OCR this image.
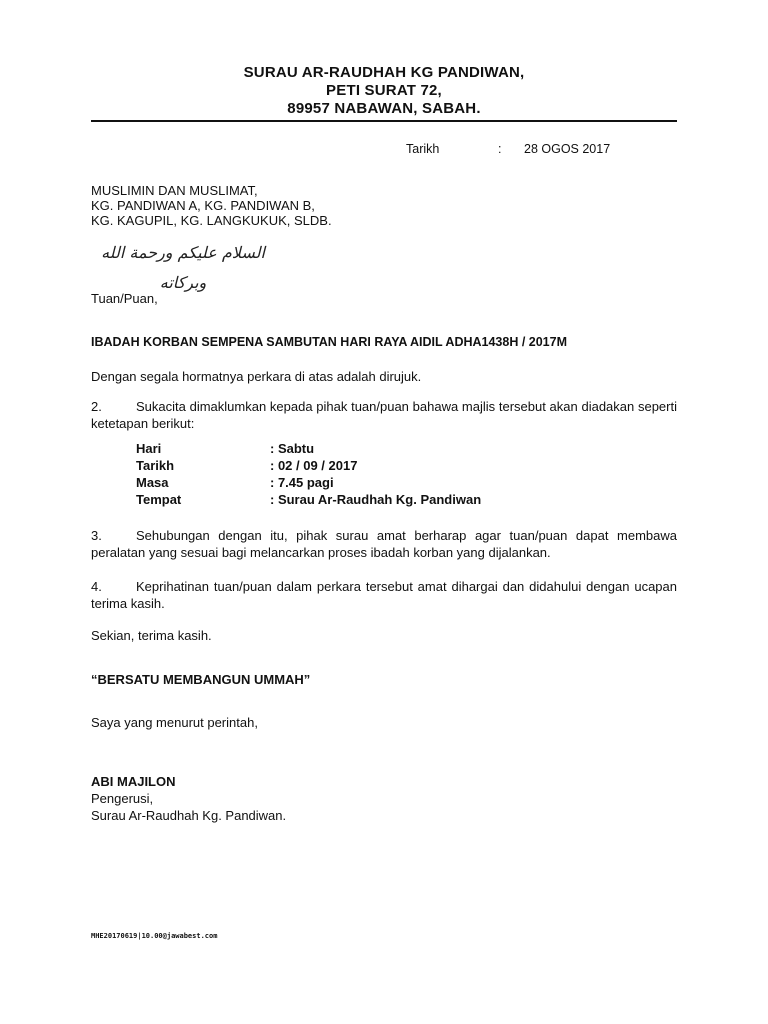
SURAU AR-RAUDHAH KG PANDIWAN,
PETI SURAT 72,
89957 NABAWAN, SABAH.
Tarikh	: 28 OGOS 2017
MUSLIMIN DAN MUSLIMAT,
KG. PANDIWAN A, KG. PANDIWAN B,
KG. KAGUPIL, KG. LANGKUKUK, SLDB.
السلام عليكم ورحمة الله وبركاته
Tuan/Puan,
IBADAH KORBAN SEMPENA SAMBUTAN HARI RAYA AIDIL ADHA1438H / 2017M
Dengan segala hormatnya perkara di atas adalah dirujuk.
2.	Sukacita dimaklumkan kepada pihak tuan/puan bahawa majlis tersebut akan diadakan seperti ketetapan berikut:
Hari	: Sabtu
Tarikh	: 02 / 09 / 2017
Masa	: 7.45 pagi
Tempat	: Surau Ar-Raudhah Kg. Pandiwan
3.	Sehubungan dengan itu, pihak surau amat berharap agar tuan/puan dapat membawa peralatan yang sesuai bagi melancarkan proses ibadah korban yang dijalankan.
4.	Keprihatinan tuan/puan dalam perkara tersebut amat dihargai dan didahului dengan ucapan terima kasih.
Sekian, terima kasih.
“BERSATU MEMBANGUN UMMAH”
Saya yang menurut perintah,
ABI MAJILON
Pengerusi,
Surau Ar-Raudhah Kg. Pandiwan.
MHE20170619|10.00@jawabest.com
